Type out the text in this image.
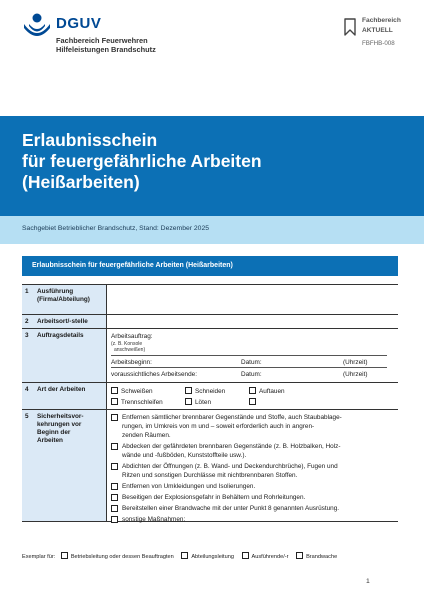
DGUV
Fachbereich Feuerwehren
Hilfeleistungen Brandschutz
Fachbereich
AKTUELL
FBFHB-008
Erlaubnisschein
für feuergefährliche Arbeiten
(Heißarbeiten)
Sachgebiet Betrieblicher Brandschutz, Stand: Dezember 2025
Erlaubnisschein für feuergefährliche Arbeiten (Heißarbeiten)
1	Ausführung
(Firma/Abteilung)
2	Arbeitsort/-stelle
3	Auftragsdetails	Arbeitsauftrag:
(z. B. Konsole
anschweißen)
Arbeitsbeginn:	Datum:	(Uhrzeit)
voraussichtliches Arbeitsende:	Datum:	(Uhrzeit)
4	Art der Arbeiten	Schweißen	Schneiden	Auftauen
Trennschleifen	Löten
5	Sicherheitsvor-
kehrungen vor
Beginn der
Arbeiten
Entfernen sämtlicher brennbarer Gegenstände und Stoffe, auch Staubablage-
rungen, im Umkreis von m und – soweit erforderlich auch in angren-
zenden Räumen.
Abdecken der gefährdeten brennbaren Gegenstände (z. B. Holzbalken, Holz-
wände und -fußböden, Kunststoffteile usw.).
Abdichten der Öffnungen (z. B. Wand- und Deckendurchbrüche), Fugen und
Ritzen und sonstigen Durchlässe mit nichtbrennbaren Stoffen.
Entfernen von Umkleidungen und Isolierungen.
Beseitigen der Explosionsgefahr in Behältern und Rohrleitungen.
Bereitstellen einer Brandwache mit der unter Punkt 8 genannten Ausrüstung.
sonstige Maßnahmen:
Exemplar für:	Betriebsleitung oder dessen Beauftragten	Abteilungsleitung	Ausführende/-r	Brandwache
1
